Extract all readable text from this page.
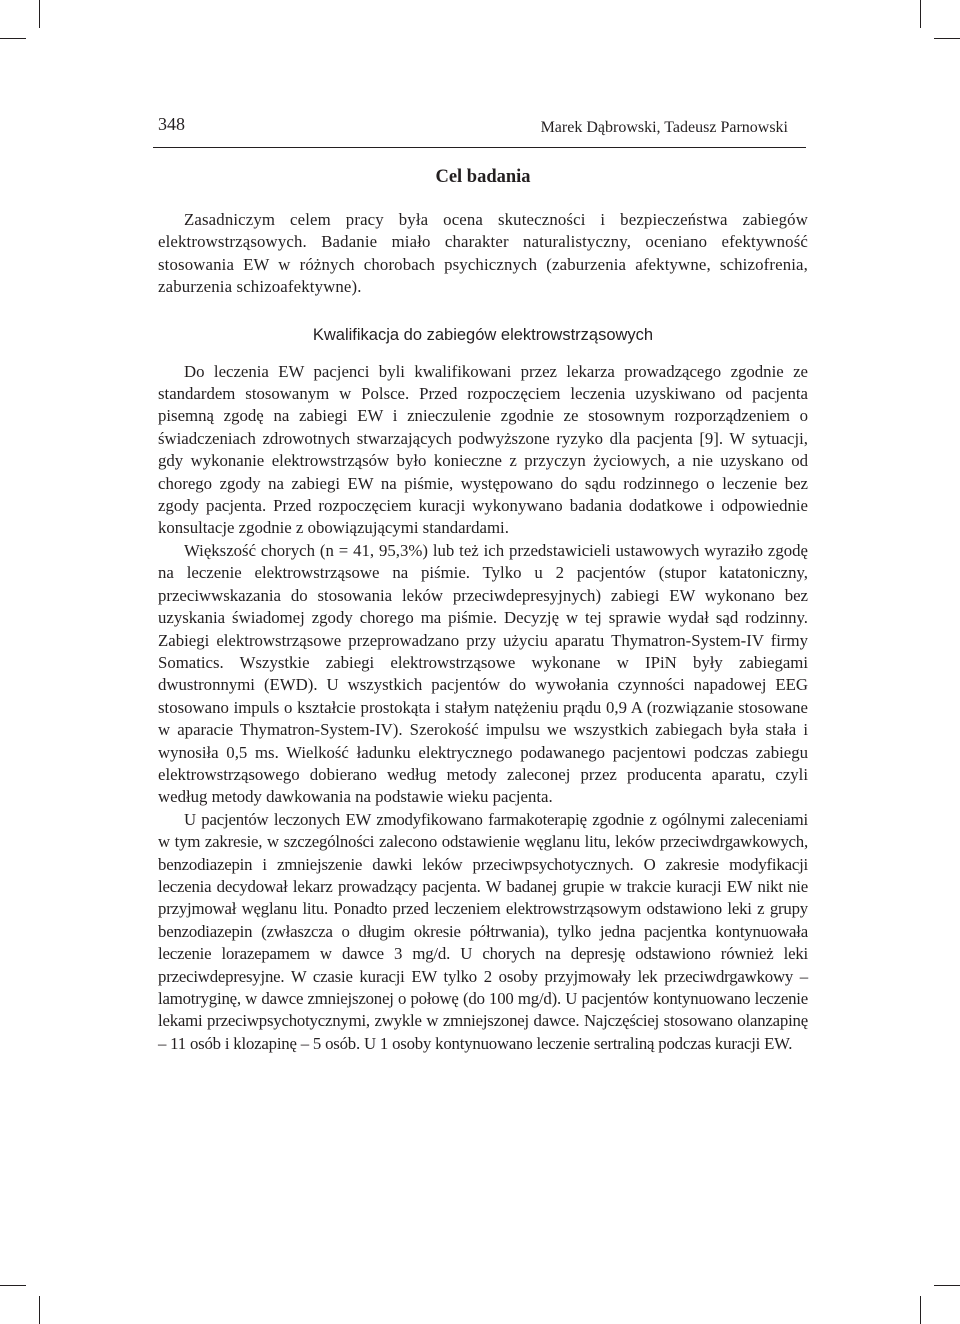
348	Marek Dąbrowski, Tadeusz Parnowski
Cel badania

Zasadniczym celem pracy była ocena skuteczności i bezpieczeństwa zabiegów elektrowstrząsowych. Badanie miało charakter naturalistyczny, oceniano efektywność stosowania EW w różnych chorobach psychicznych (zaburzenia afektywne, schizofrenia, zaburzenia schizoafektywne).

Kwalifikacja do zabiegów elektrowstrząsowych

Do leczenia EW pacjenci byli kwalifikowani przez lekarza prowadzącego zgodnie ze standardem stosowanym w Polsce. Przed rozpoczęciem leczenia uzyskiwano od pacjenta pisemną zgodę na zabiegi EW i znieczulenie zgodnie ze stosownym rozporządzeniem o świadczeniach zdrowotnych stwarzających podwyższone ryzyko dla pacjenta [9]. W sytuacji, gdy wykonanie elektrowstrząsów było konieczne z przyczyn życiowych, a nie uzyskano od chorego zgody na zabiegi EW na piśmie, występowano do sądu rodzinnego o leczenie bez zgody pacjenta. Przed rozpoczęciem kuracji wykonywano badania dodatkowe i odpowiednie konsultacje zgodnie z obowiązującymi standardami.

Większość chorych (n = 41, 95,3%) lub też ich przedstawicieli ustawowych wyraziło zgodę na leczenie elektrowstrząsowe na piśmie. Tylko u 2 pacjentów (stupor katatoniczny, przeciwwskazania do stosowania leków przeciwdepresyjnych) zabiegi EW wykonano bez uzyskania świadomej zgody chorego ma piśmie. Decyzję w tej sprawie wydał sąd rodzinny. Zabiegi elektrowstrząsowe przeprowadzano przy użyciu aparatu Thymatron-System-IV firmy Somatics. Wszystkie zabiegi elektrowstrząsowe wykonane w IPiN były zabiegami dwustronnymi (EWD). U wszystkich pacjentów do wywołania czynności napadowej EEG stosowano impuls o kształcie prostokąta i stałym natężeniu prądu 0,9 A (rozwiązanie stosowane w aparacie Thymatron-System-IV). Szerokość impulsu we wszystkich zabiegach była stała i wynosiła 0,5 ms. Wielkość ładunku elektrycznego podawanego pacjentowi podczas zabiegu elektrowstrząsowego dobierano według metody zaleconej przez producenta aparatu, czyli według metody dawkowania na podstawie wieku pacjenta.

U pacjentów leczonych EW zmodyfikowano farmakoterapię zgodnie z ogólnymi zaleceniami w tym zakresie, w szczególności zalecono odstawienie węglanu litu, leków przeciwdrgawkowych, benzodiazepin i zmniejszenie dawki leków przeciwpsychotycznych. O zakresie modyfikacji leczenia decydował lekarz prowadzący pacjenta. W badanej grupie w trakcie kuracji EW nikt nie przyjmował węglanu litu. Ponadto przed leczeniem elektrowstrząsowym odstawiono leki z grupy benzodiazepin (zwłaszcza o długim okresie półtrwania), tylko jedna pacjentka kontynuowała leczenie lorazepamem w dawce 3 mg/d. U chorych na depresję odstawiono również leki przeciwdepresyjne. W czasie kuracji EW tylko 2 osoby przyjmowały lek przeciwdrgawkowy – lamotryginę, w dawce zmniejszonej o połowę (do 100 mg/d). U pacjentów kontynuowano leczenie lekami przeciwpsychotycznymi, zwykle w zmniejszonej dawce. Najczęściej stosowano olanzapinę – 11 osób i klozapinę – 5 osób. U 1 osoby kontynuowano leczenie sertraliną podczas kuracji EW.
